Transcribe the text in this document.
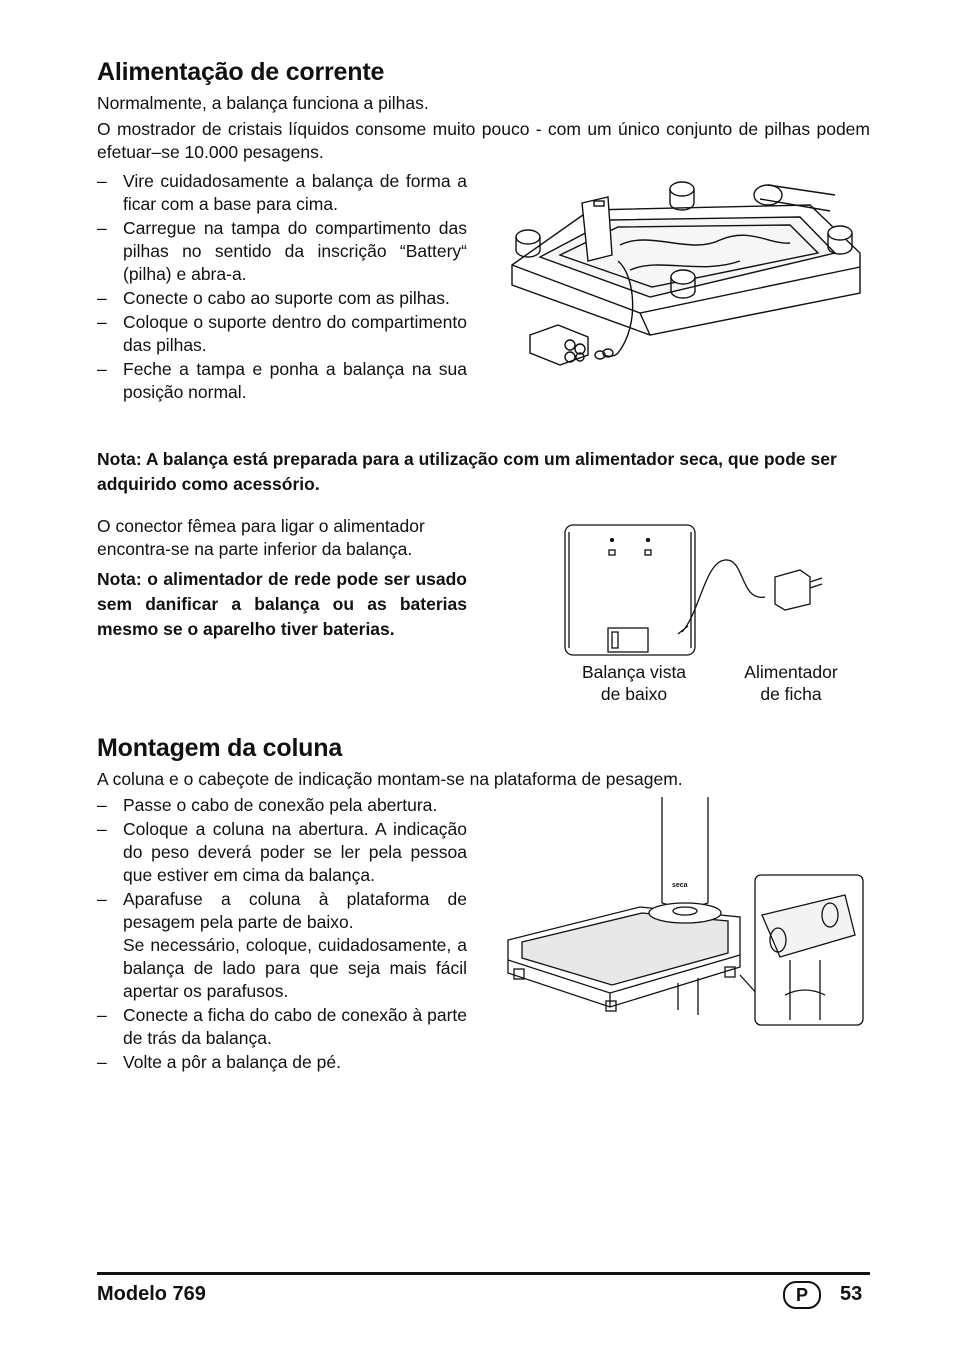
Alimentação de corrente

Normalmente, a balança funciona a pilhas.

O mostrador de cristais líquidos consome muito pouco - com um único conjunto de pilhas podem efetuar–se 10.000 pesagens.

– Vire cuidadosamente a balança de forma a ficar com a base para cima.
– Carregue na tampa do compartimento das pilhas no sentido da inscrição “Battery“ (pilha) e abra-a.
– Conecte o cabo ao suporte com as pilhas.
– Coloque o suporte dentro do compartimento das pilhas.
– Feche a tampa e ponha a balança na sua posição normal.

Nota: A balança está preparada para a utilização com um alimentador seca, que pode ser adquirido como acessório.

O conector fêmea para ligar o alimentador encontra-se na parte inferior da balança.

Nota: o alimentador de rede pode ser usado sem danificar a balança ou as baterias mesmo se o aparelho tiver baterias.

Balança vista
de baixo
Alimentador
de ficha
Montagem da coluna

A coluna e o cabeçote de indicação montam-se na plataforma de pesagem.

– Passe o cabo de conexão pela abertura.
– Coloque a coluna na abertura. A indicação do peso deverá poder se ler pela pessoa que estiver em cima da balança.
– Aparafuse a coluna à plataforma de pesagem pela parte de baixo.
Se necessário, coloque, cuidadosamente, a balança de lado para que seja mais fácil apertar os parafusos.
– Conecte a ficha do cabo de conexão à parte de trás da balança.
– Volte a pôr a balança de pé.
seca
Modelo 769	P	53
